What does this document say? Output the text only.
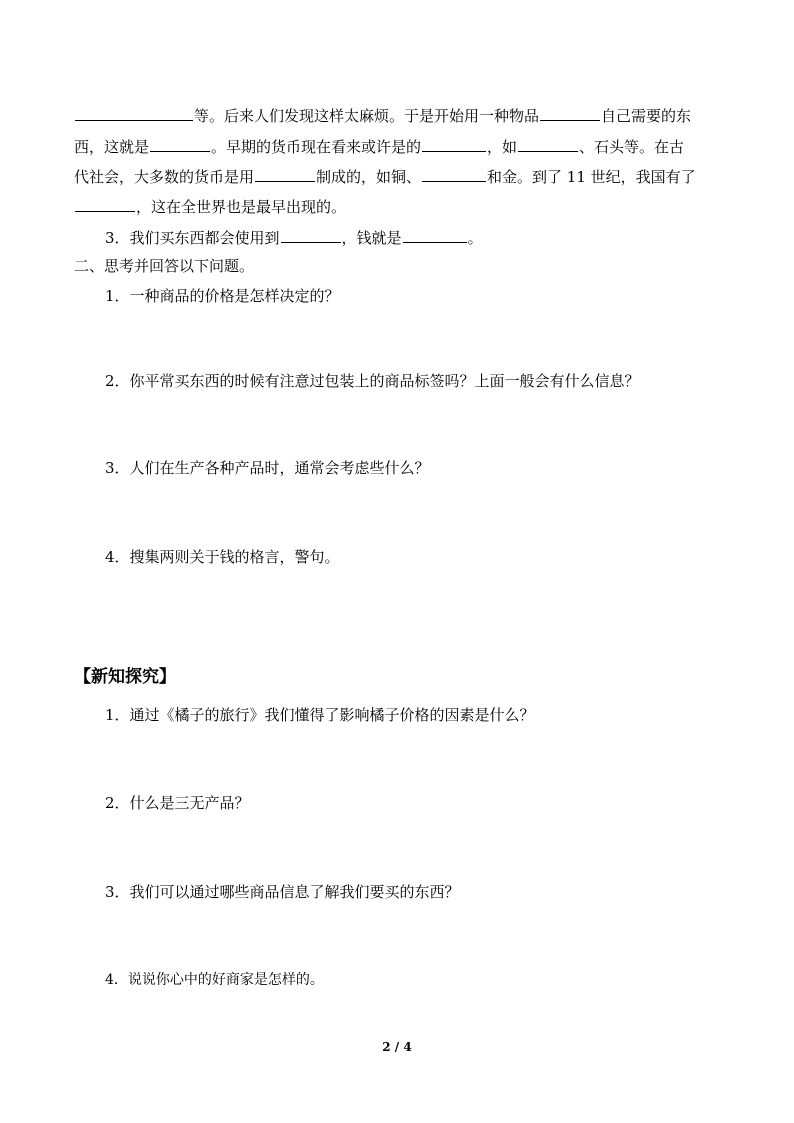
等。后来人们发现这样太麻烦。于是开始用一种物品	自己需要的东
西，这就是	。早期的货币现在看来或许是的	，如	、石头等。在古
代社会，大多数的货币是用	制成的，如铜、	和金。到了 11 世纪，我国有了
，这在全世界也是最早出现的。
3．我们买东西都会使用到	，钱就是	。
二、思考并回答以下问题。
1．一种商品的价格是怎样决定的？
2．你平常买东西的时候有注意过包装上的商品标签吗？上面一般会有什么信息？
3．人们在生产各种产品时，通常会考虑些什么？
4．搜集两则关于钱的格言，警句。
【新知探究】
1．通过《橘子的旅行》我们懂得了影响橘子价格的因素是什么？
2．什么是三无产品？
3．我们可以通过哪些商品信息了解我们要买的东西？
4．说说你心中的好商家是怎样的。
2 / 4
